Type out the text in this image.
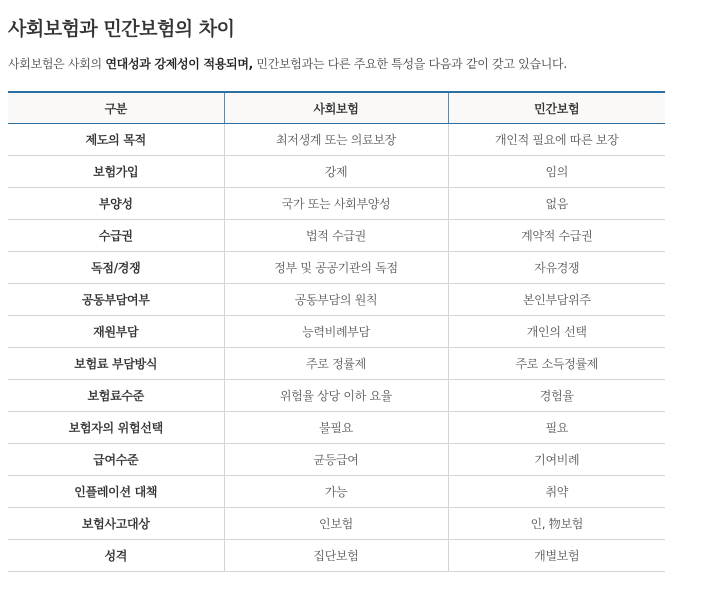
사회보험과 민간보험의 차이
사회보험은 사회의 연대성과 강제성이 적용되며, 민간보험과는 다른 주요한 특성을 다음과 같이 갖고 있습니다.
구분	사회보험	민간보험
제도의 목적	최저생계 또는 의료보장	개인적 필요에 따른 보장
보험가입	강제	임의
부양성	국가 또는 사회부양성	없음
수급권	법적 수급권	계약적 수급권
독점/경쟁	정부 및 공공기관의 독점	자유경쟁
공동부담여부	공동부담의 원칙	본인부담위주
재원부담	능력비례부담	개인의 선택
보험료 부담방식	주로 정률제	주로 소득정률제
보험료수준	위험율 상당 이하 요율	경험율
보험자의 위험선택	불필요	필요
급여수준	균등급여	기여비례
인플레이션 대책	가능	취약
보험사고대상	인보험	인, 物보험
성격	집단보험	개별보험
